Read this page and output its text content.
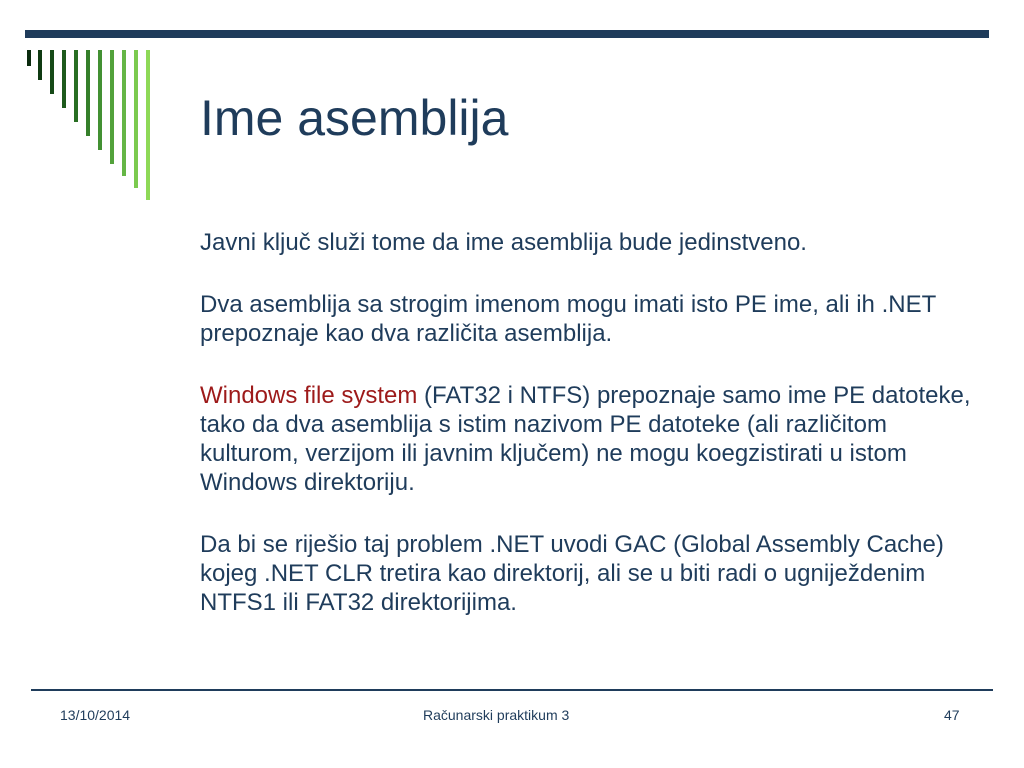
Ime asemblija

Javni ključ služi tome da ime asemblija bude jedinstveno.

Dva asemblija sa strogim imenom mogu imati isto PE ime, ali ih .NET prepoznaje kao dva različita asemblija.

Windows file system (FAT32 i NTFS) prepoznaje samo ime PE datoteke, tako da dva asemblija s istim nazivom PE datoteke (ali različitom kulturom, verzijom ili javnim ključem) ne mogu koegzistirati u istom Windows direktoriju.

Da bi se riješio taj problem .NET uvodi GAC (Global Assembly Cache) kojeg .NET CLR tretira kao direktorij, ali se u biti radi o ugniježdenim NTFS1 ili FAT32 direktorijima.

13/10/2014	Računarski praktikum 3	47
